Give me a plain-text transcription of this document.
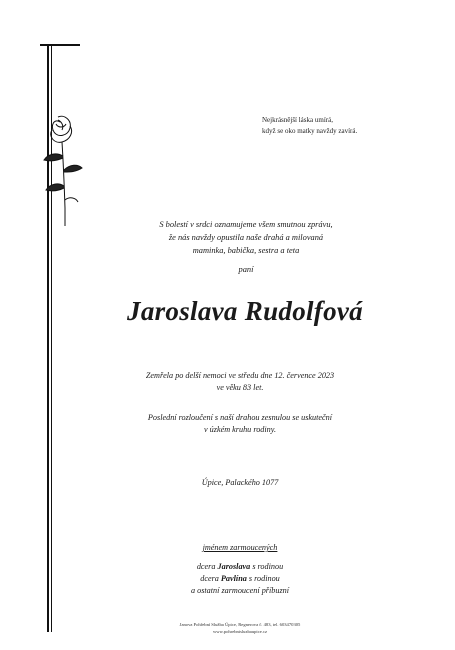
Nejkrásnější láska umírá,
když se oko matky navždy zavírá.
S bolestí v srdci oznamujeme všem smutnou zprávu,
že nás navždy opustila naše drahá a milovaná
maminka, babička, sestra a teta
paní
Jaroslava Rudolfová
Zemřela po delší nemoci ve středu dne 12. července 2023
ve věku 83 let.
Poslední rozloučení s naší drahou zesnulou se uskuteční
v úzkém kruhu rodiny.
Úpice, Palackého 1077
jménem zarmoucených
dcera Jaroslava s rodinou
dcera Pavlína s rodinou
a ostatní zarmoucení příbuzní
Janova Pohřební Služba Úpice, Regnerova č. 483, tel. 603470305
www.pohrebnisluzbaupice.cz
